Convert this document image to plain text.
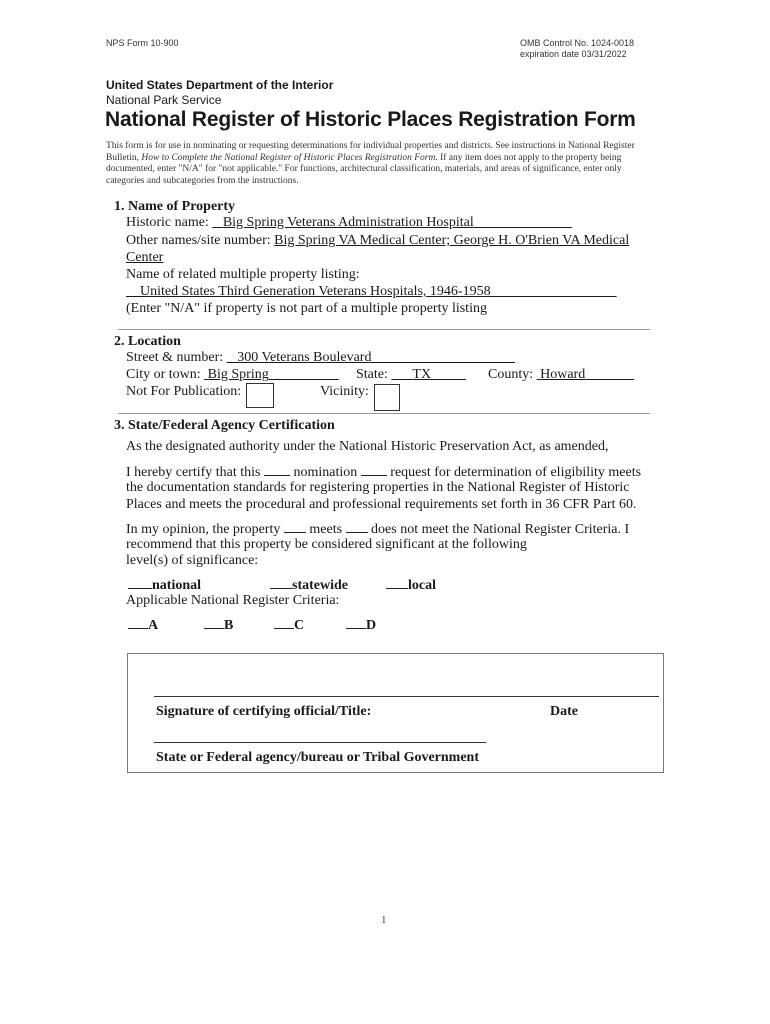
NPS Form 10-900	OMB Control No. 1024-0018
expiration date 03/31/2022
United States Department of the Interior
National Park Service
National Register of Historic Places Registration Form
This form is for use in nominating or requesting determinations for individual properties and districts. See instructions in National Register Bulletin, How to Complete the National Register of Historic Places Registration Form. If any item does not apply to the property being documented, enter "N/A" for "not applicable." For functions, architectural classification, materials, and areas of significance, enter only categories and subcategories from the instructions.
1. Name of Property
Historic name: Big Spring Veterans Administration Hospital
Other names/site number: Big Spring VA Medical Center; George H. O'Brien VA Medical
Center
Name of related multiple property listing:
United States Third Generation Veterans Hospitals, 1946-1958
(Enter "N/A" if property is not part of a multiple property listing
2. Location
Street & number: 300 Veterans Boulevard
City or town: Big Spring	State: TX	County: Howard
Not For Publication:	Vicinity:
3. State/Federal Agency Certification
As the designated authority under the National Historic Preservation Act, as amended,
I hereby certify that this nomination request for determination of eligibility meets
the documentation standards for registering properties in the National Register of Historic
Places and meets the procedural and professional requirements set forth in 36 CFR Part 60.
In my opinion, the property meets does not meet the National Register Criteria. I
recommend that this property be considered significant at the following
level(s) of significance:
national	statewide	local
Applicable National Register Criteria:
A	B	C	D
Signature of certifying official/Title:	Date
State or Federal agency/bureau or Tribal Government
1
